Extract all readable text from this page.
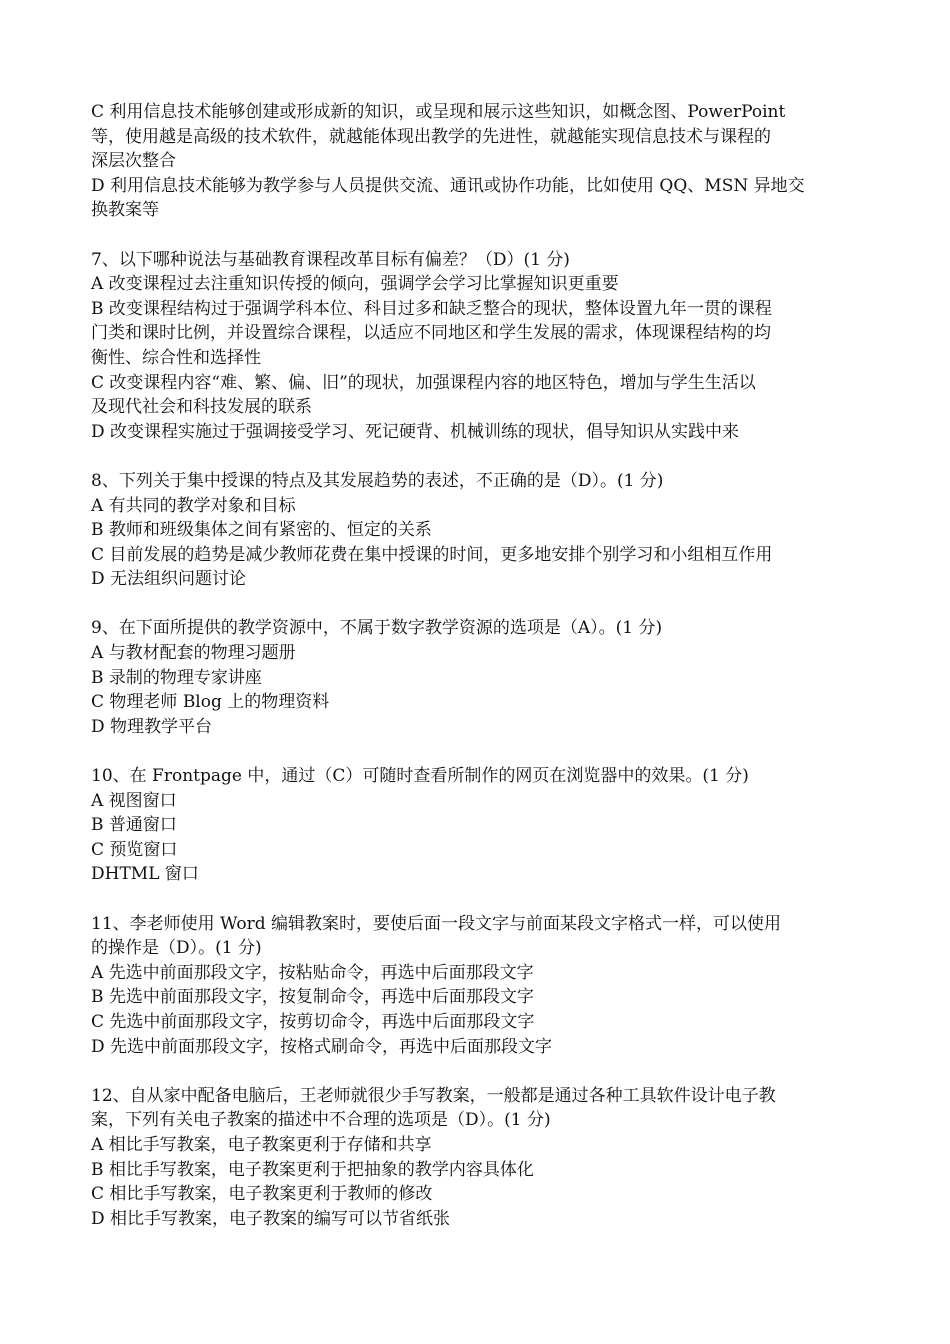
C 利用信息技术能够创建或形成新的知识，或呈现和展示这些知识，如概念图、PowerPoint
等，使用越是高级的技术软件，就越能体现出教学的先进性，就越能实现信息技术与课程的
深层次整合
D 利用信息技术能够为教学参与人员提供交流、通讯或协作功能，比如使用 QQ、MSN 异地交
换教案等
7、以下哪种说法与基础教育课程改革目标有偏差？（D）(1 分)
A 改变课程过去注重知识传授的倾向，强调学会学习比掌握知识更重要
B 改变课程结构过于强调学科本位、科目过多和缺乏整合的现状，整体设置九年一贯的课程
门类和课时比例，并设置综合课程，以适应不同地区和学生发展的需求，体现课程结构的均
衡性、综合性和选择性
C 改变课程内容“难、繁、偏、旧”的现状，加强课程内容的地区特色，增加与学生生活以
及现代社会和科技发展的联系
D 改变课程实施过于强调接受学习、死记硬背、机械训练的现状，倡导知识从实践中来
8、下列关于集中授课的特点及其发展趋势的表述，不正确的是（D）。(1 分)
A 有共同的教学对象和目标
B 教师和班级集体之间有紧密的、恒定的关系
C 目前发展的趋势是减少教师花费在集中授课的时间，更多地安排个别学习和小组相互作用
D 无法组织问题讨论
9、在下面所提供的教学资源中，不属于数字教学资源的选项是（A）。(1 分)
A 与教材配套的物理习题册
B 录制的物理专家讲座
C 物理老师 Blog 上的物理资料
D 物理教学平台
10、在 Frontpage 中，通过（C）可随时查看所制作的网页在浏览器中的效果。(1 分)
A 视图窗口
B 普通窗口
C 预览窗口
DHTML 窗口
11、李老师使用 Word 编辑教案时，要使后面一段文字与前面某段文字格式一样，可以使用
的操作是（D）。(1 分)
A 先选中前面那段文字，按粘贴命令，再选中后面那段文字
B 先选中前面那段文字，按复制命令，再选中后面那段文字
C 先选中前面那段文字，按剪切命令，再选中后面那段文字
D 先选中前面那段文字，按格式刷命令，再选中后面那段文字
12、自从家中配备电脑后，王老师就很少手写教案，一般都是通过各种工具软件设计电子教
案，下列有关电子教案的描述中不合理的选项是（D）。(1 分)
A 相比手写教案，电子教案更利于存储和共享
B 相比手写教案，电子教案更利于把抽象的教学内容具体化
C 相比手写教案，电子教案更利于教师的修改
D 相比手写教案，电子教案的编写可以节省纸张
